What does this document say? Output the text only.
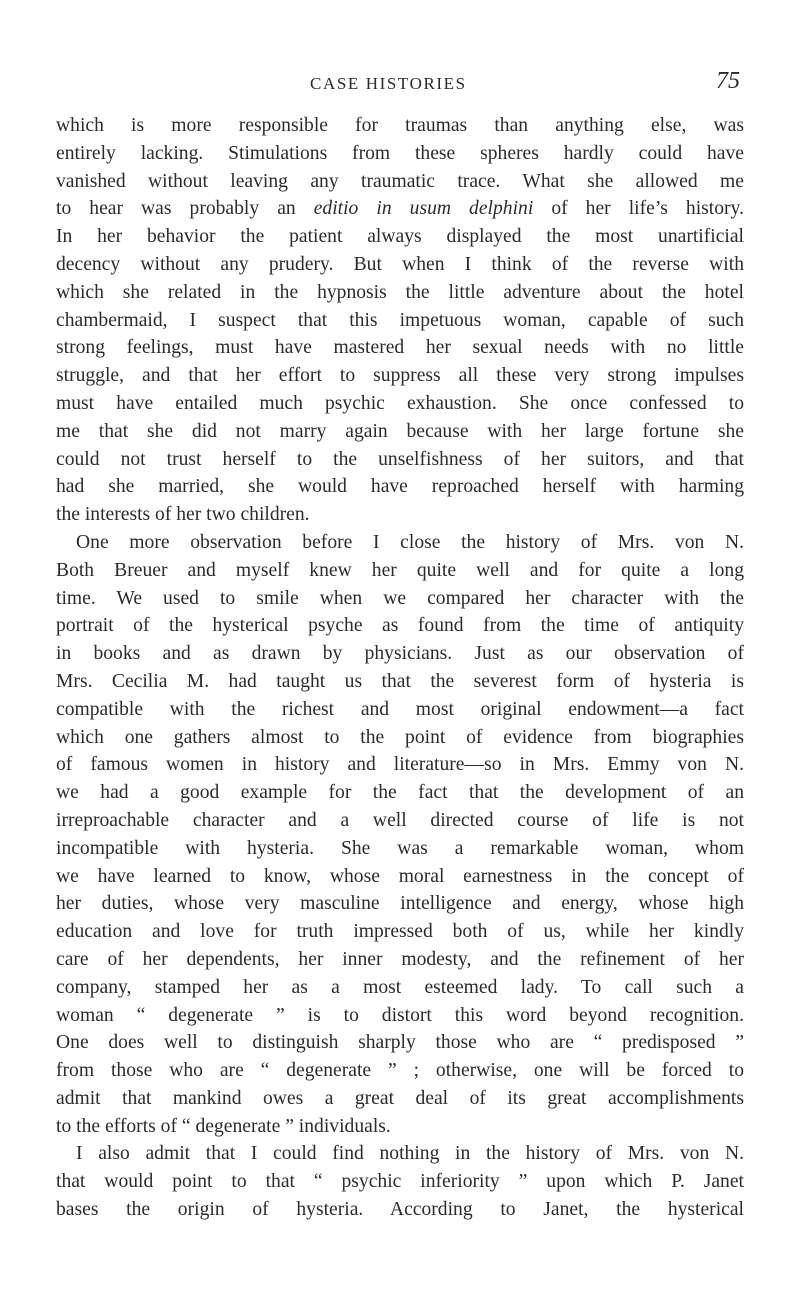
CASE HISTORIES	75
which is more responsible for traumas than anything else, was
entirely lacking. Stimulations from these spheres hardly could have
vanished without leaving any traumatic trace. What she allowed me
to hear was probably an editio in usum delphini of her life’s history.
In her behavior the patient always displayed the most unartificial
decency without any prudery. But when I think of the reverse with
which she related in the hypnosis the little adventure about the hotel
chambermaid, I suspect that this impetuous woman, capable of such
strong feelings, must have mastered her sexual needs with no little
struggle, and that her effort to suppress all these very strong impulses
must have entailed much psychic exhaustion. She once confessed to
me that she did not marry again because with her large fortune she
could not trust herself to the unselfishness of her suitors, and that
had she married, she would have reproached herself with harming
the interests of her two children.
One more observation before I close the history of Mrs. von N.
Both Breuer and myself knew her quite well and for quite a long
time. We used to smile when we compared her character with the
portrait of the hysterical psyche as found from the time of antiquity
in books and as drawn by physicians. Just as our observation of
Mrs. Cecilia M. had taught us that the severest form of hysteria is
compatible with the richest and most original endowment—a fact
which one gathers almost to the point of evidence from biographies
of famous women in history and literature—so in Mrs. Emmy von N.
we had a good example for the fact that the development of an
irreproachable character and a well directed course of life is not
incompatible with hysteria. She was a remarkable woman, whom
we have learned to know, whose moral earnestness in the concept of
her duties, whose very masculine intelligence and energy, whose high
education and love for truth impressed both of us, while her kindly
care of her dependents, her inner modesty, and the refinement of her
company, stamped her as a most esteemed lady. To call such a
woman “ degenerate ” is to distort this word beyond recognition.
One does well to distinguish sharply those who are “ predisposed ”
from those who are “ degenerate ” ; otherwise, one will be forced to
admit that mankind owes a great deal of its great accomplishments
to the efforts of “ degenerate ” individuals.
I also admit that I could find nothing in the history of Mrs. von N.
that would point to that “ psychic inferiority ” upon which P. Janet
bases the origin of hysteria. According to Janet, the hysterical
